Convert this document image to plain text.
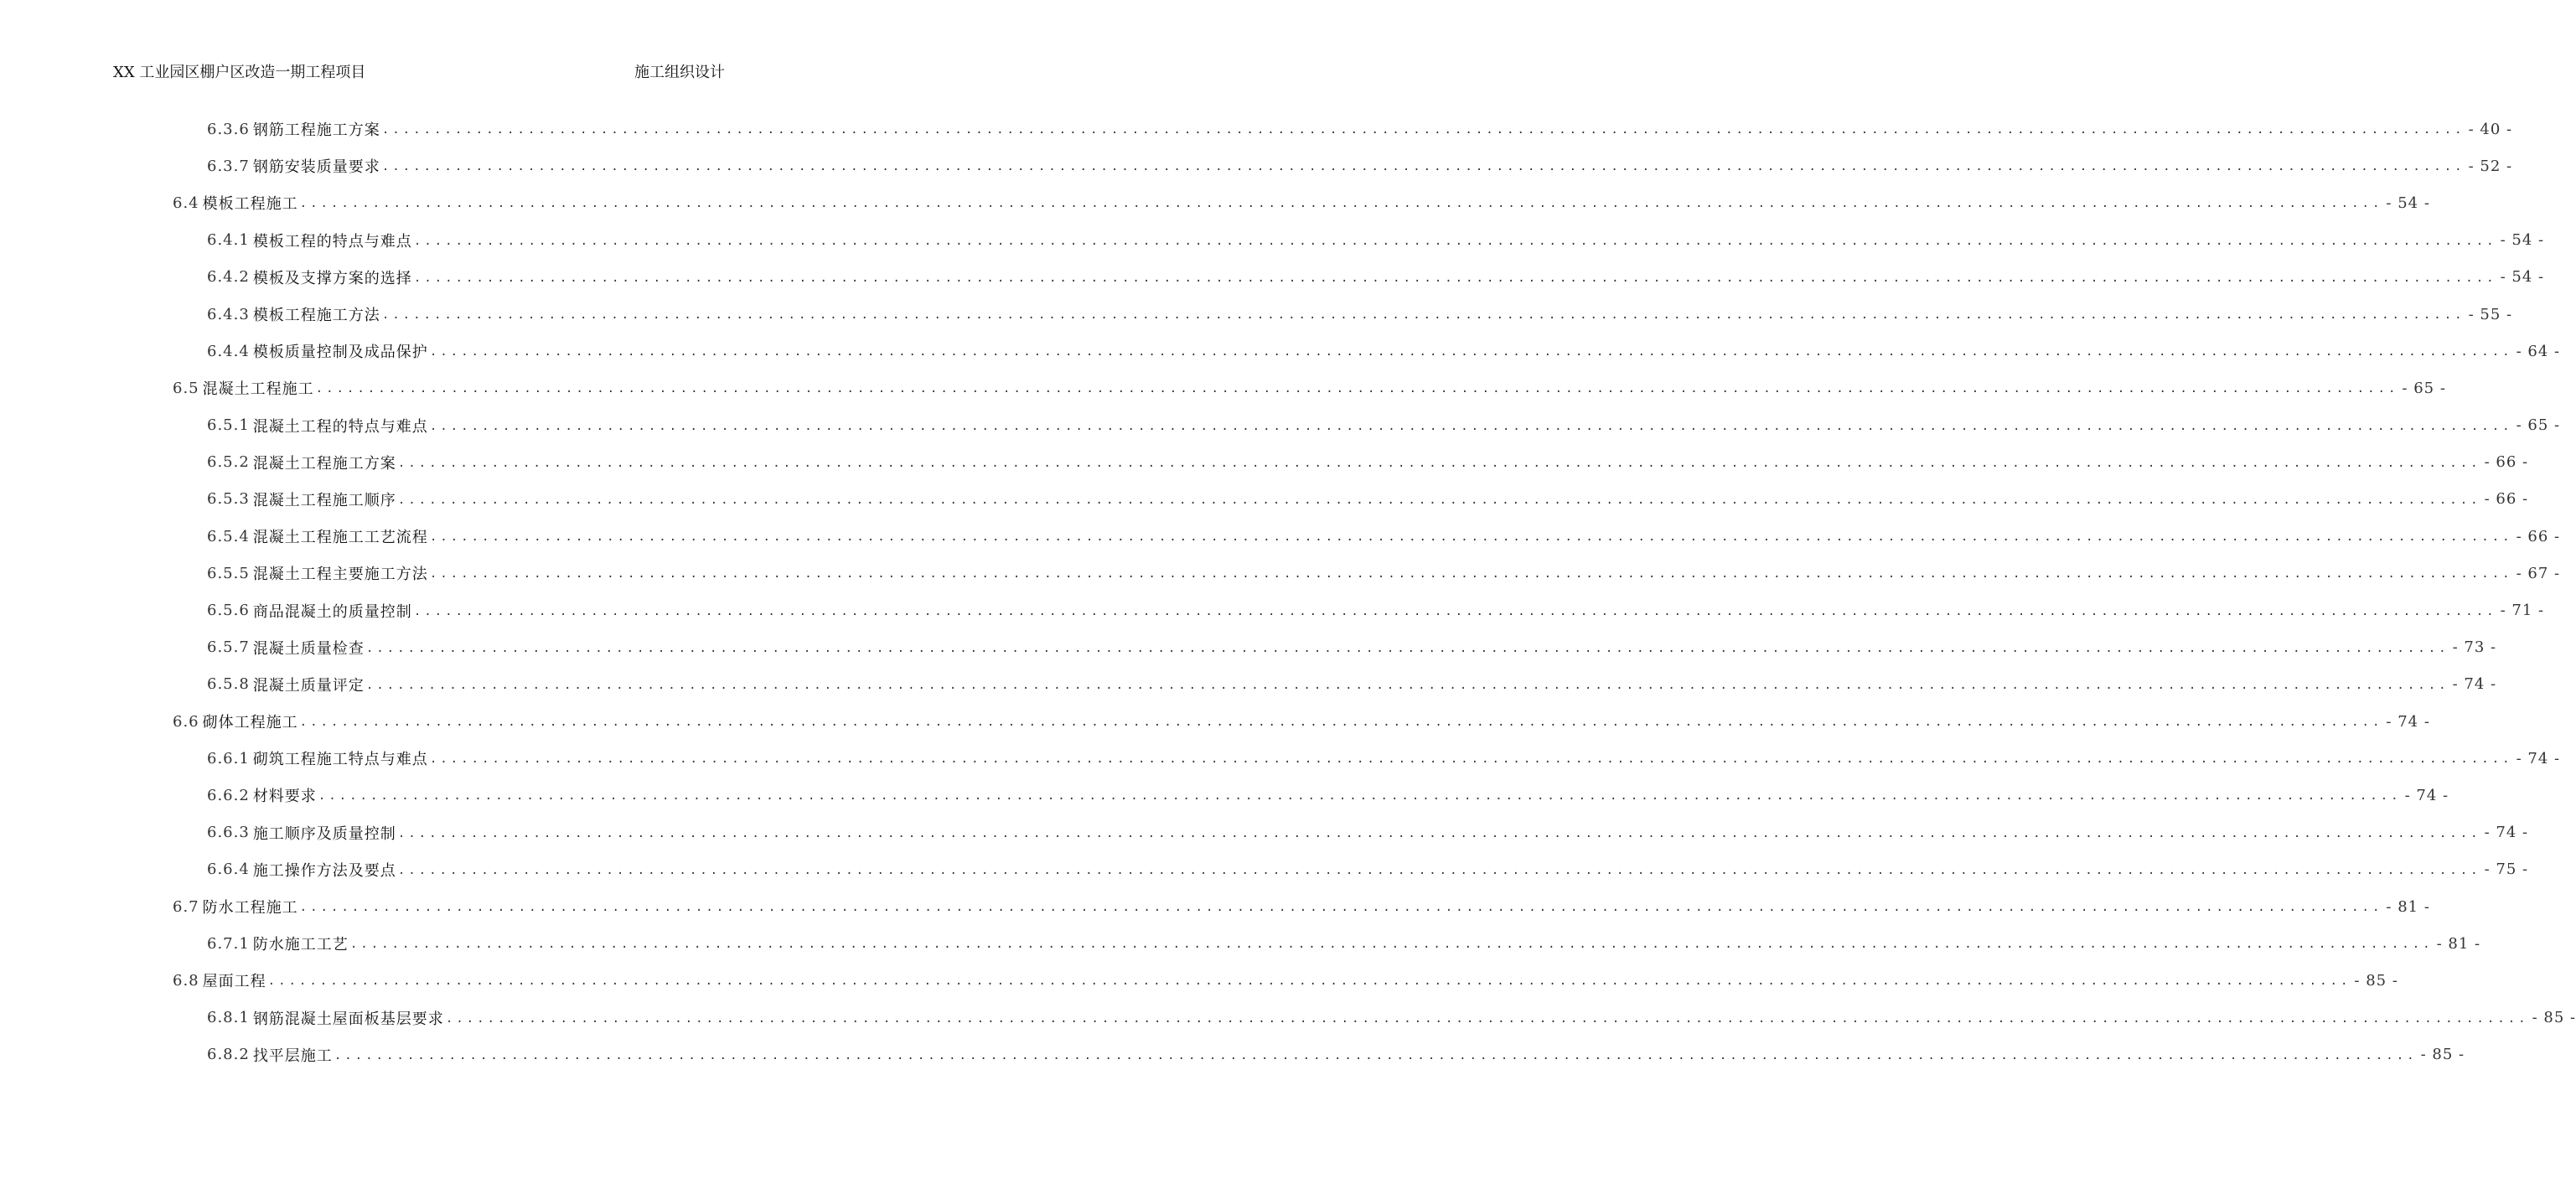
XX 工业园区棚户区改造一期工程项目	施工组织设计
6.3.6 钢筋工程施工方案 ........................................................................................................................................................................................................ - 40 -
6.3.7 钢筋安装质量要求 ........................................................................................................................................................................................................ - 52 -
6.4 模板工程施工 ........................................................................................................................................................................................................ - 54 -
6.4.1 模板工程的特点与难点 ........................................................................................................................................................................................................ - 54 -
6.4.2 模板及支撑方案的选择 ........................................................................................................................................................................................................ - 54 -
6.4.3 模板工程施工方法 ........................................................................................................................................................................................................ - 55 -
6.4.4 模板质量控制及成品保护 ........................................................................................................................................................................................................ - 64 -
6.5 混凝土工程施工 ........................................................................................................................................................................................................ - 65 -
6.5.1 混凝土工程的特点与难点 ........................................................................................................................................................................................................ - 65 -
6.5.2 混凝土工程施工方案 ........................................................................................................................................................................................................ - 66 -
6.5.3 混凝土工程施工顺序 ........................................................................................................................................................................................................ - 66 -
6.5.4 混凝土工程施工工艺流程 ........................................................................................................................................................................................................ - 66 -
6.5.5 混凝土工程主要施工方法 ........................................................................................................................................................................................................ - 67 -
6.5.6 商品混凝土的质量控制 ........................................................................................................................................................................................................ - 71 -
6.5.7 混凝土质量检查 ........................................................................................................................................................................................................ - 73 -
6.5.8 混凝土质量评定 ........................................................................................................................................................................................................ - 74 -
6.6 砌体工程施工 ........................................................................................................................................................................................................ - 74 -
6.6.1 砌筑工程施工特点与难点 ........................................................................................................................................................................................................ - 74 -
6.6.2 材料要求 ........................................................................................................................................................................................................ - 74 -
6.6.3 施工顺序及质量控制 ........................................................................................................................................................................................................ - 74 -
6.6.4 施工操作方法及要点 ........................................................................................................................................................................................................ - 75 -
6.7 防水工程施工 ........................................................................................................................................................................................................ - 81 -
6.7.1 防水施工工艺 ........................................................................................................................................................................................................ - 81 -
6.8 屋面工程 ........................................................................................................................................................................................................ - 85 -
6.8.1 钢筋混凝土屋面板基层要求 ........................................................................................................................................................................................................ - 85 -
6.8.2 找平层施工 ........................................................................................................................................................................................................ - 85 -
